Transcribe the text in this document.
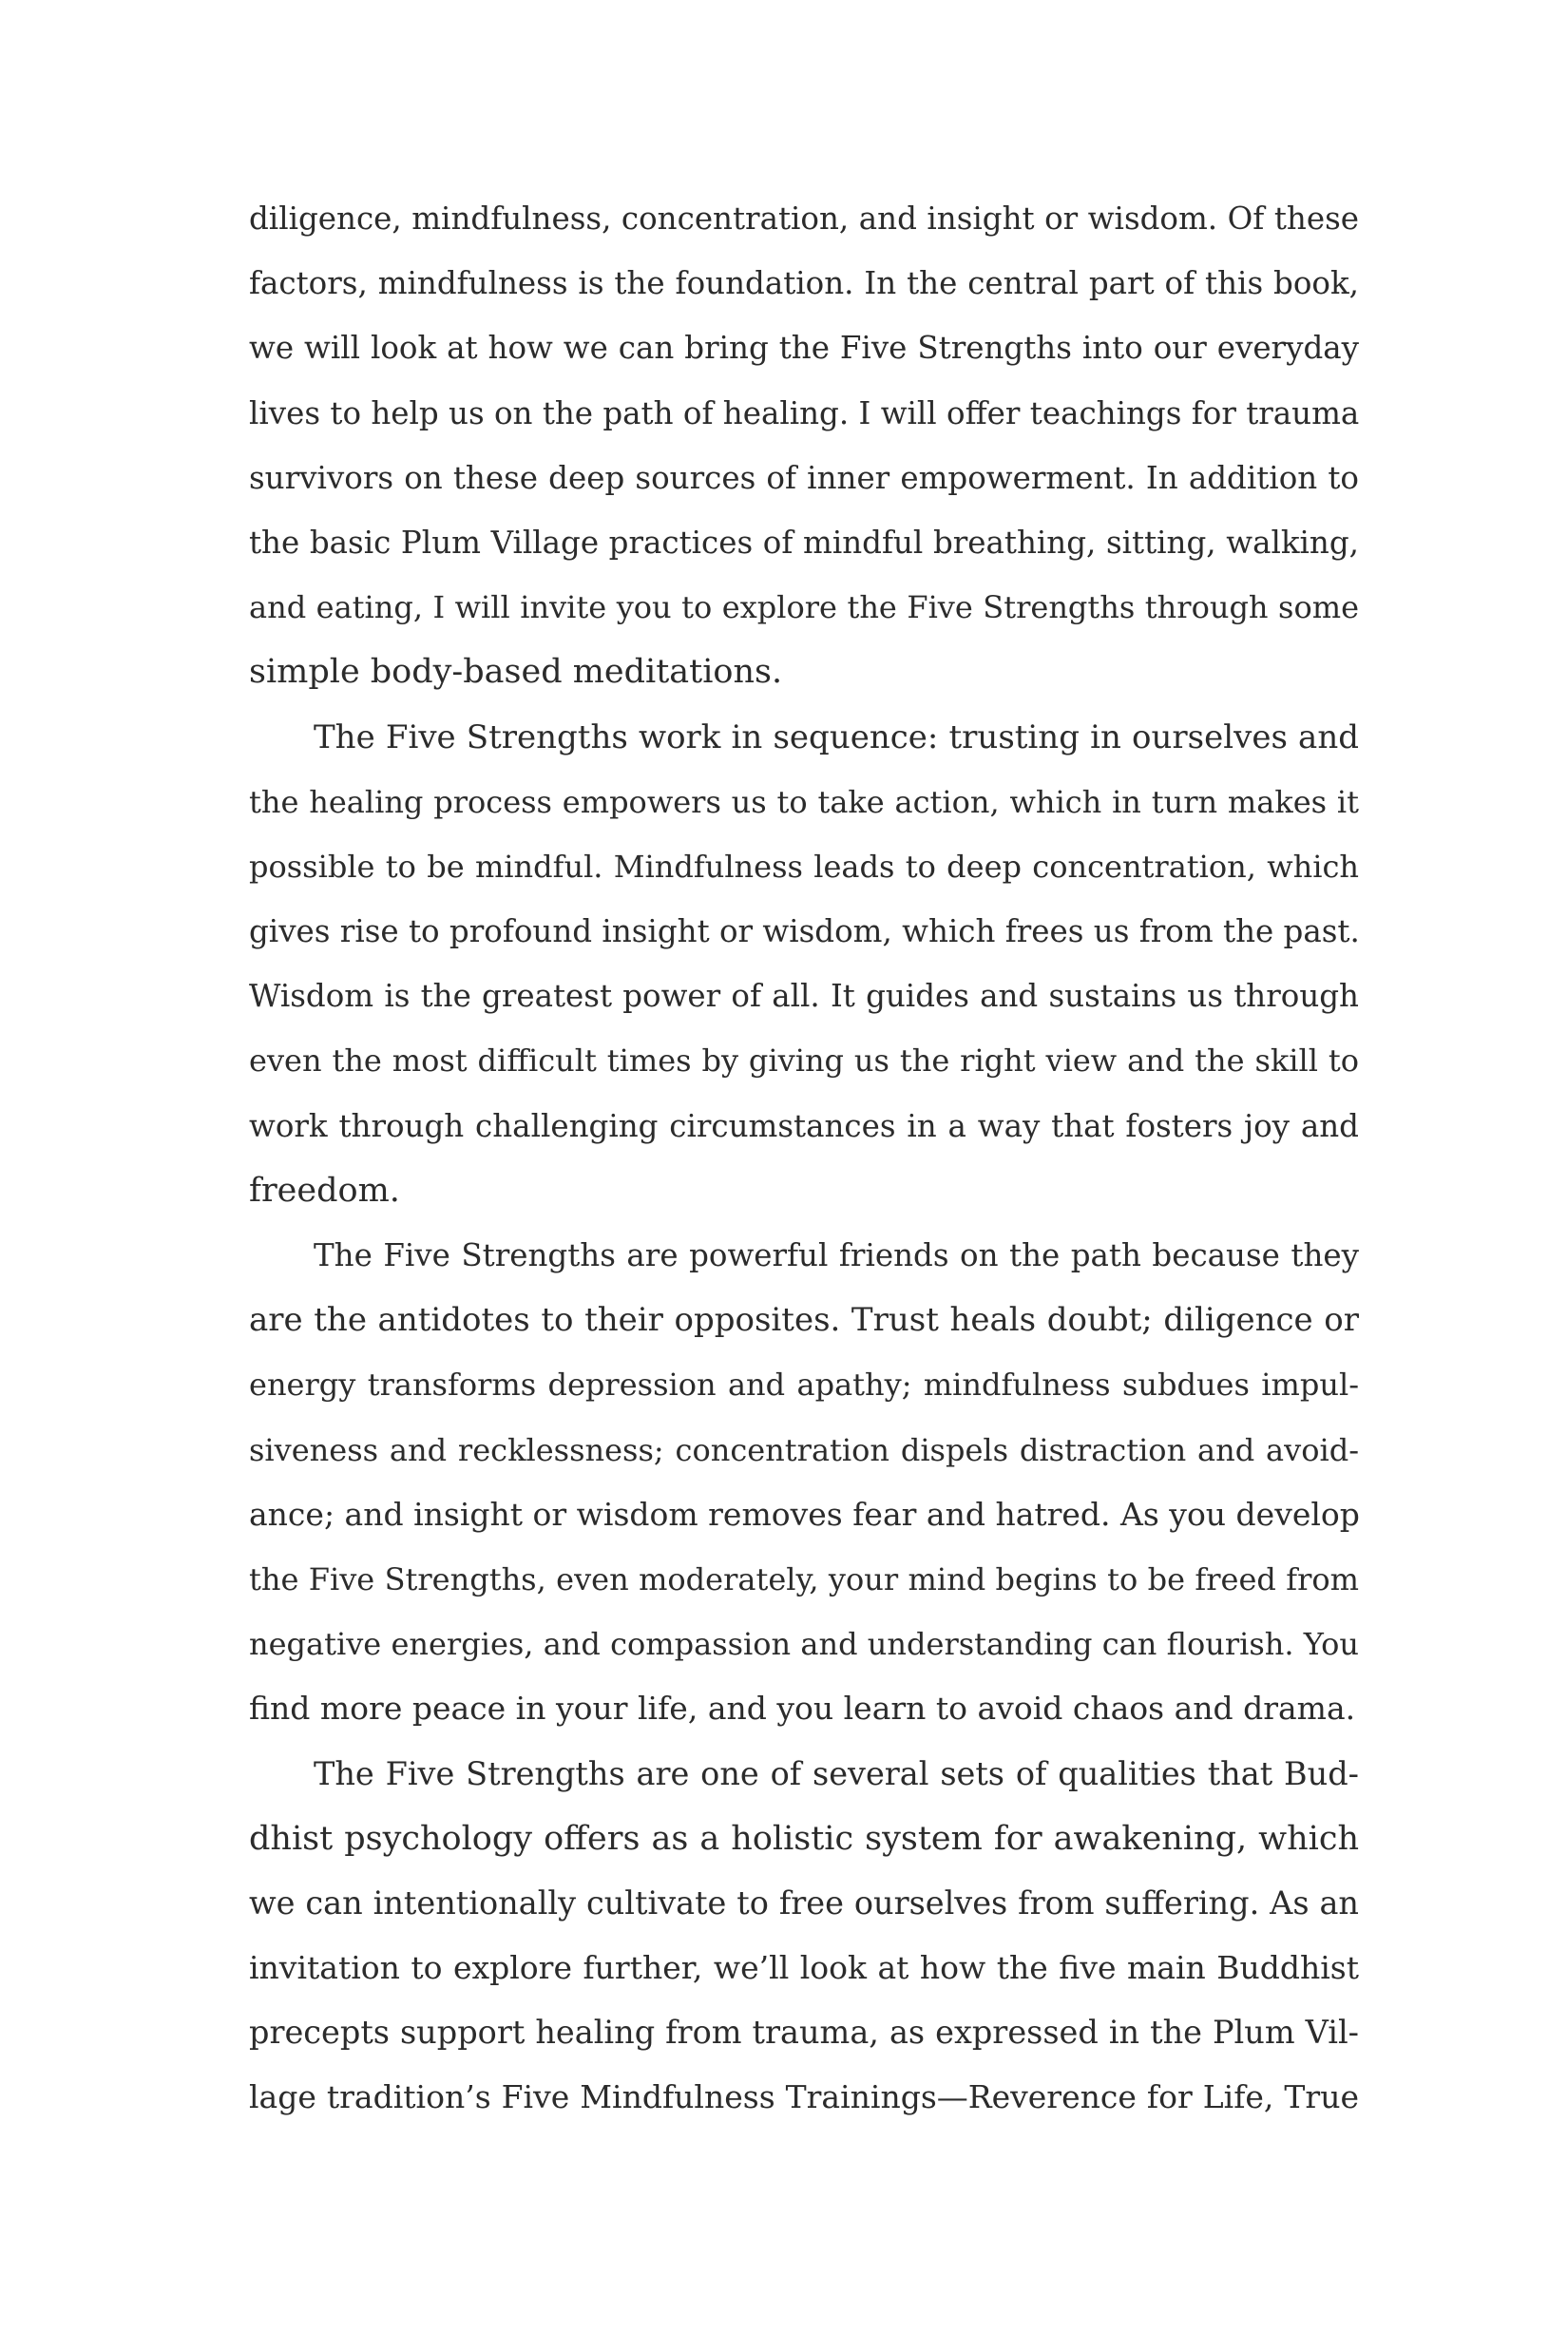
diligence, mindfulness, concentration, and insight or wisdom. Of these
factors, mindfulness is the foundation. In the central part of this book,
we will look at how we can bring the Five Strengths into our everyday
lives to help us on the path of healing. I will offer teachings for trauma
survivors on these deep sources of inner empowerment. In addition to
the basic Plum Village practices of mindful breathing, sitting, walking,
and eating, I will invite you to explore the Five Strengths through some
simple body-based meditations.
The Five Strengths work in sequence: trusting in ourselves and
the healing process empowers us to take action, which in turn makes it
possible to be mindful. Mindfulness leads to deep concentration, which
gives rise to profound insight or wisdom, which frees us from the past.
Wisdom is the greatest power of all. It guides and sustains us through
even the most difficult times by giving us the right view and the skill to
work through challenging circumstances in a way that fosters joy and
freedom.
The Five Strengths are powerful friends on the path because they
are the antidotes to their opposites. Trust heals doubt; diligence or
energy transforms depression and apathy; mindfulness subdues impul-
siveness and recklessness; concentration dispels distraction and avoid-
ance; and insight or wisdom removes fear and hatred. As you develop
the Five Strengths, even moderately, your mind begins to be freed from
negative energies, and compassion and understanding can flourish. You
find more peace in your life, and you learn to avoid chaos and drama.
The Five Strengths are one of several sets of qualities that Bud-
dhist psychology offers as a holistic system for awakening, which
we can intentionally cultivate to free ourselves from suffering. As an
invitation to explore further, we’ll look at how the five main Buddhist
precepts support healing from trauma, as expressed in the Plum Vil-
lage tradition’s Five Mindfulness Trainings—Reverence for Life, True
